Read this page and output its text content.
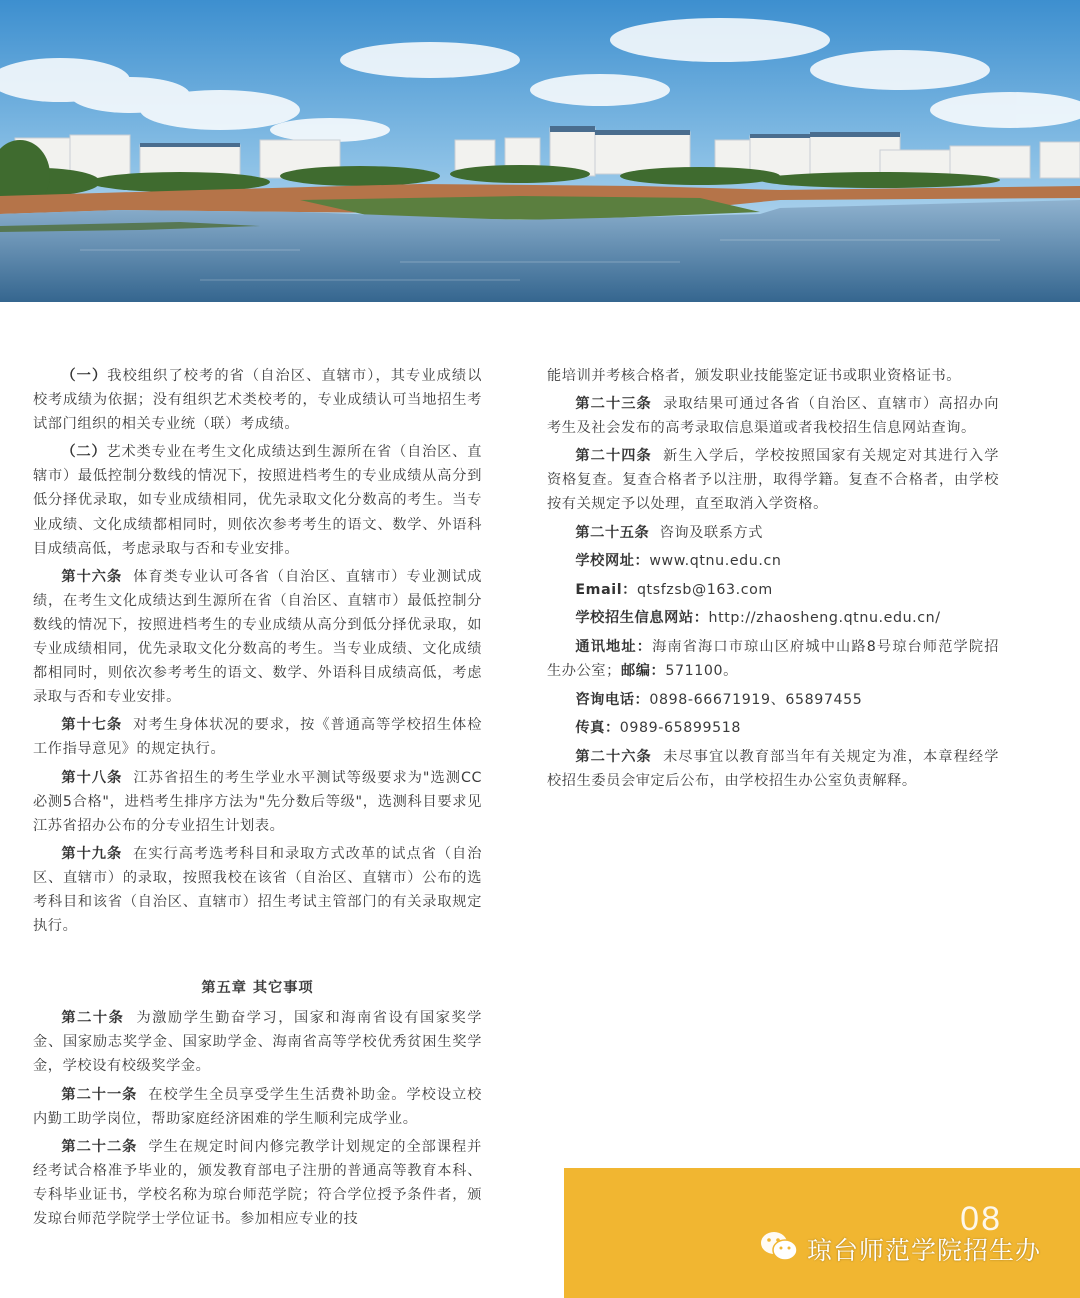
（一）我校组织了校考的省（自治区、直辖市），其专业成绩以校考成绩为依据；没有组织艺术类校考的，专业成绩认可当地招生考试部门组织的相关专业统（联）考成绩。

（二）艺术类专业在考生文化成绩达到生源所在省（自治区、直辖市）最低控制分数线的情况下，按照进档考生的专业成绩从高分到低分择优录取，如专业成绩相同，优先录取文化分数高的考生。当专业成绩、文化成绩都相同时，则依次参考考生的语文、数学、外语科目成绩高低，考虑录取与否和专业安排。

第十六条 体育类专业认可各省（自治区、直辖市）专业测试成绩，在考生文化成绩达到生源所在省（自治区、直辖市）最低控制分数线的情况下，按照进档考生的专业成绩从高分到低分择优录取，如专业成绩相同，优先录取文化分数高的考生。当专业成绩、文化成绩都相同时，则依次参考考生的语文、数学、外语科目成绩高低，考虑录取与否和专业安排。

第十七条 对考生身体状况的要求，按《普通高等学校招生体检工作指导意见》的规定执行。

第十八条 江苏省招生的考生学业水平测试等级要求为"选测CC 必测5合格"，进档考生排序方法为"先分数后等级"，选测科目要求见江苏省招办公布的分专业招生计划表。

第十九条 在实行高考选考科目和录取方式改革的试点省（自治区、直辖市）的录取，按照我校在该省（自治区、直辖市）公布的选考科目和该省（自治区、直辖市）招生考试主管部门的有关录取规定执行。

第五章 其它事项

第二十条 为激励学生勤奋学习，国家和海南省设有国家奖学金、国家励志奖学金、国家助学金、海南省高等学校优秀贫困生奖学金，学校设有校级奖学金。

第二十一条 在校学生全员享受学生生活费补助金。学校设立校内勤工助学岗位，帮助家庭经济困难的学生顺利完成学业。

第二十二条 学生在规定时间内修完教学计划规定的全部课程并经考试合格准予毕业的，颁发教育部电子注册的普通高等教育本科、专科毕业证书，学校名称为琼台师范学院；符合学位授予条件者，颁发琼台师范学院学士学位证书。参加相应专业的技

能培训并考核合格者，颁发职业技能鉴定证书或职业资格证书。

第二十三条 录取结果可通过各省（自治区、直辖市）高招办向考生及社会发布的高考录取信息渠道或者我校招生信息网站查询。

第二十四条 新生入学后，学校按照国家有关规定对其进行入学资格复查。复查合格者予以注册，取得学籍。复查不合格者，由学校按有关规定予以处理，直至取消入学资格。

第二十五条 咨询及联系方式

学校网址：www.qtnu.edu.cn

Email：qtsfzsb@163.com

学校招生信息网站：http://zhaosheng.qtnu.edu.cn/

通讯地址：海南省海口市琼山区府城中山路8号琼台师范学院招生办公室；邮编：571100。

咨询电话：0898-66671919、65897455

传真：0989-65899518

第二十六条 未尽事宜以教育部当年有关规定为准，本章程经学校招生委员会审定后公布，由学校招生办公室负责解释。

08
琼台师范学院招生办
